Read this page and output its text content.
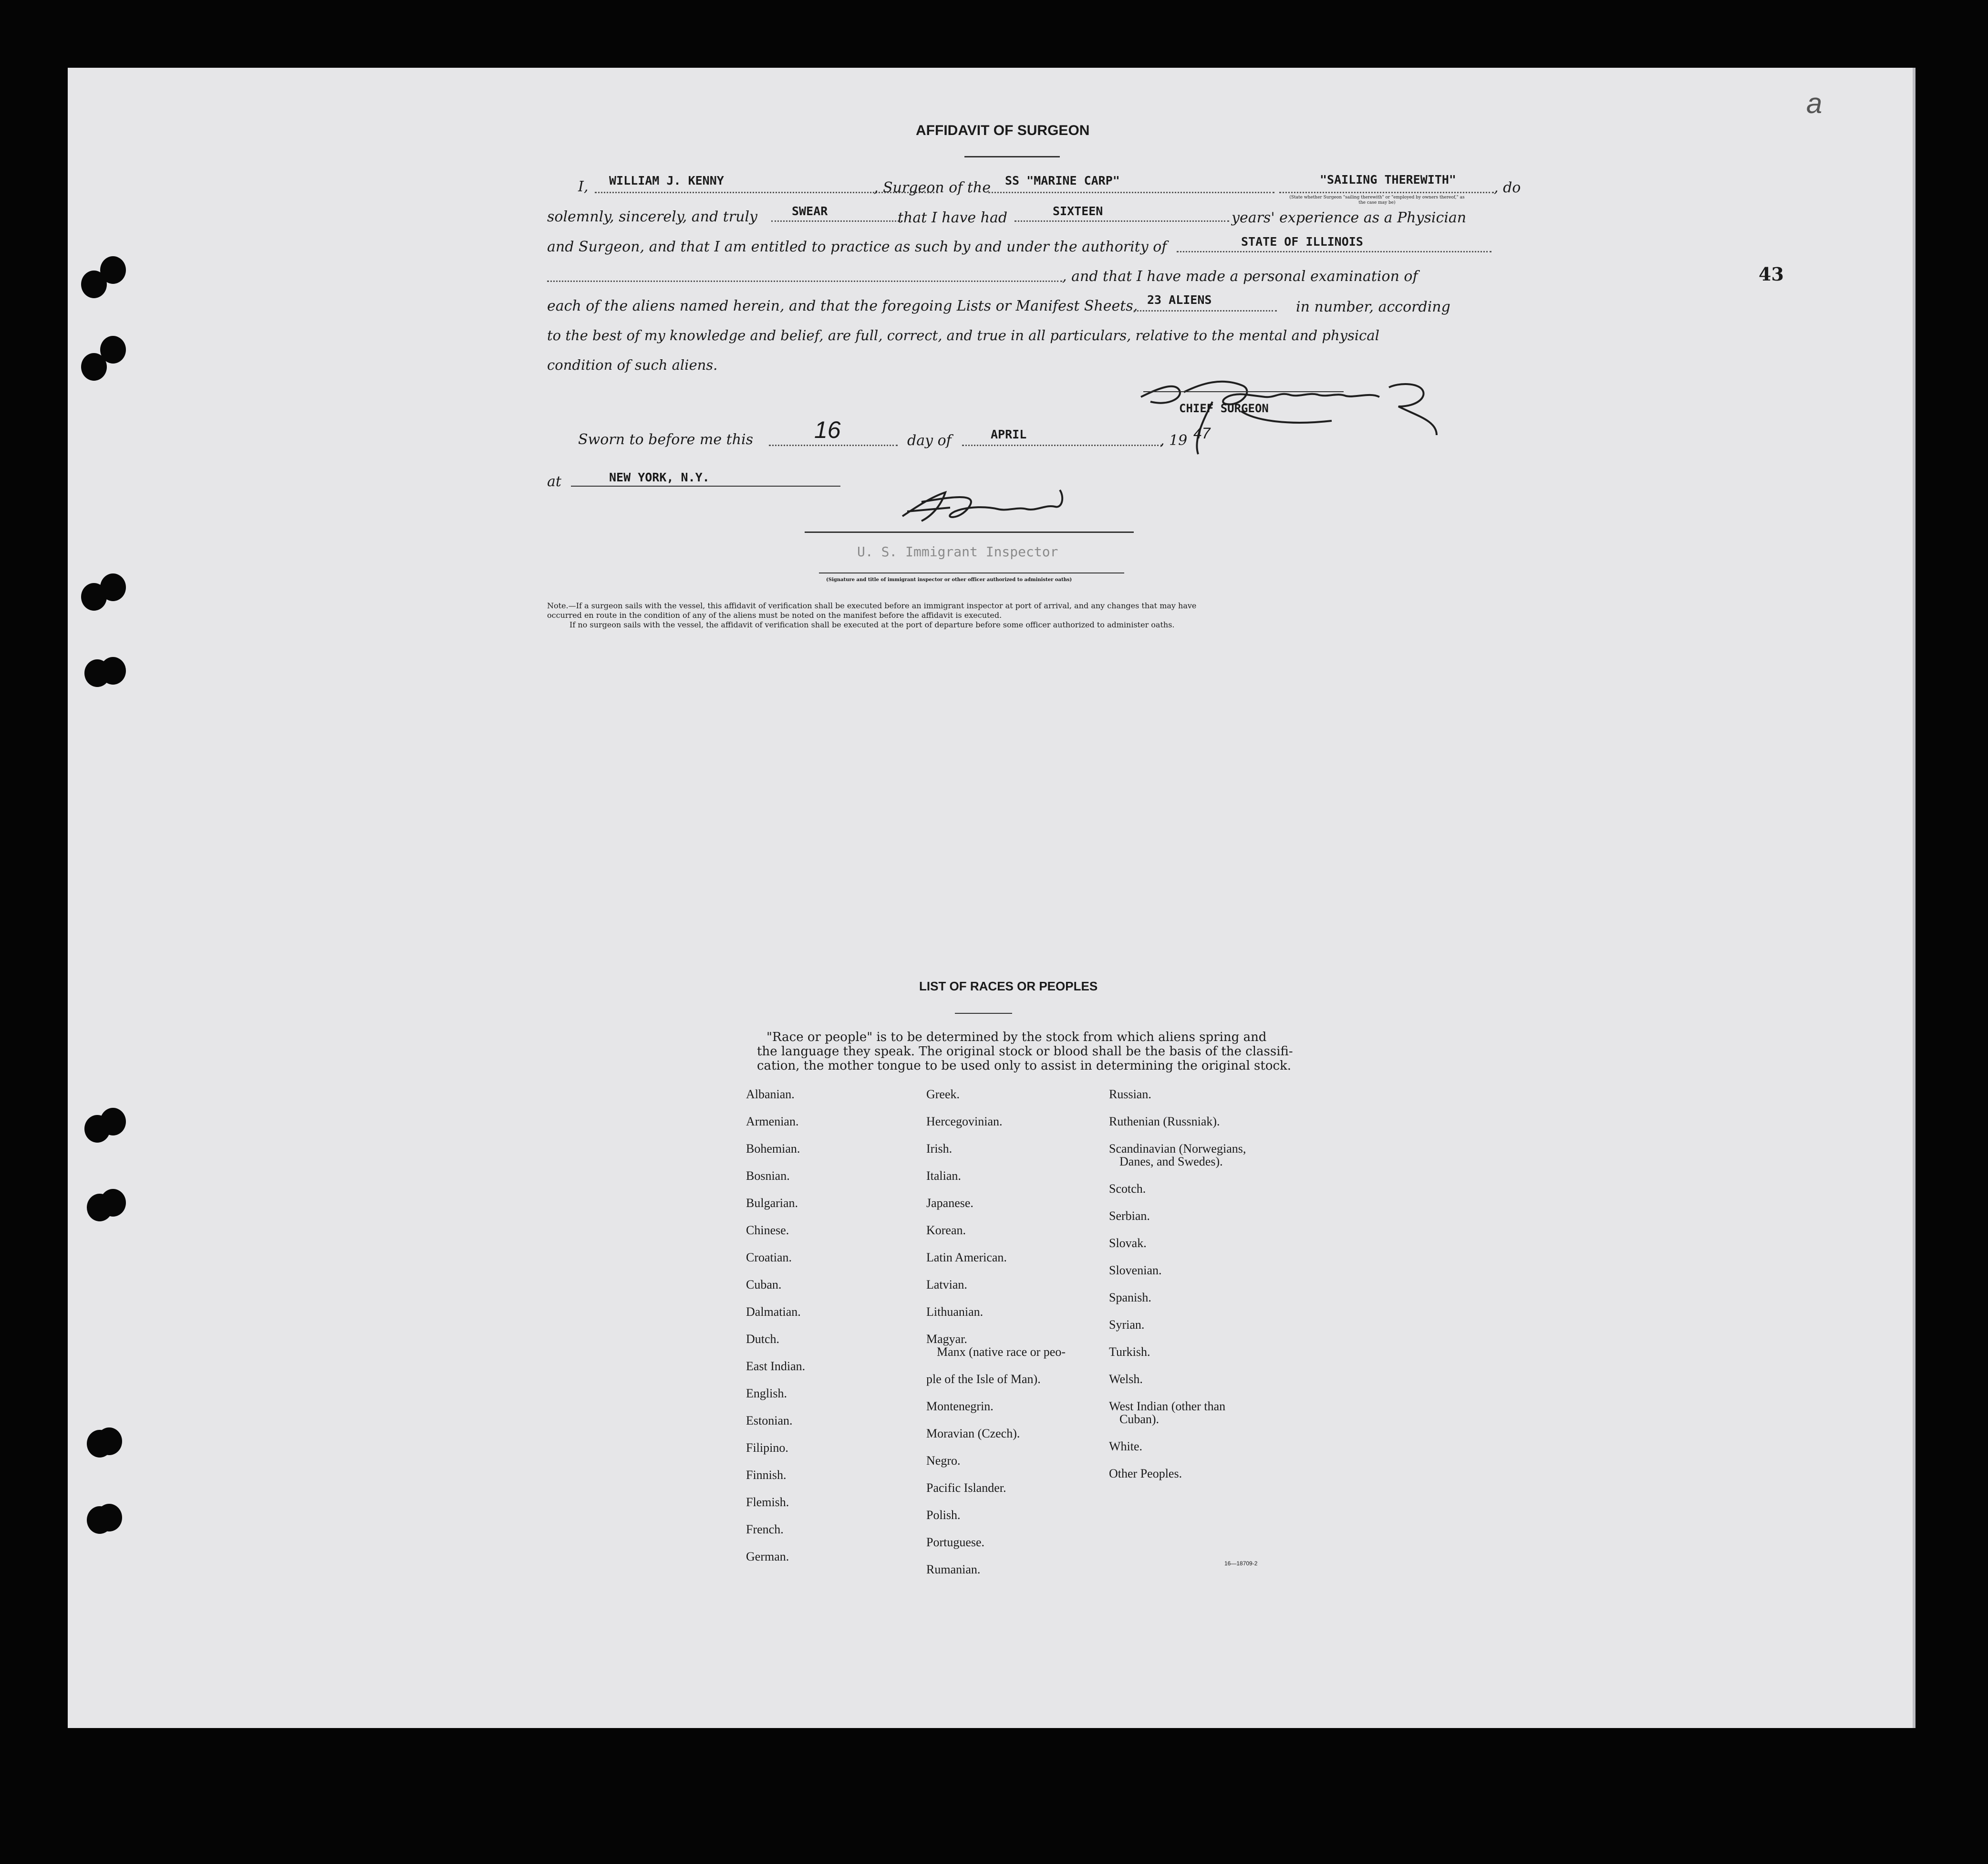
a
43
AFFIDAVIT OF SURGEON
I, WILLIAM J. KENNY	, Surgeon of the SS "MARINE CARP"	"SAILING THEREWITH"	, do
(State whether Surgeon "sailing therewith" or "employed by owners thereof," as the case may be)
solemnly, sincerely, and truly	SWEAR	that I have had	SIXTEEN	years' experience as a Physician
and Surgeon, and that I am entitled to practice as such by and under the authority of	STATE OF ILLINOIS
, and that I have made a personal examination of
each of the aliens named herein, and that the foregoing Lists or Manifest Sheets, 23 ALIENS	in number, according
to the best of my knowledge and belief, are full, correct, and true in all particulars, relative to the mental and physical
condition of such aliens.
CHIEF SURGEON
Sworn to before me this	16	day of	APRIL	, 19 47
at	NEW YORK, N.Y.
U. S. Immigrant Inspector
(Signature and title of immigrant inspector or other officer authorized to administer oaths)
Note.—If a surgeon sails with the vessel, this affidavit of verification shall be executed before an immigrant inspector at port of arrival, and any changes that may have
occurred en route in the condition of any of the aliens must be noted on the manifest before the affidavit is executed.
If no surgeon sails with the vessel, the affidavit of verification shall be executed at the port of departure before some officer authorized to administer oaths.
LIST OF RACES OR PEOPLES
"Race or people" is to be determined by the stock from which aliens spring and
the language they speak. The original stock or blood shall be the basis of the classifi-
cation, the mother tongue to be used only to assist in determining the original stock.
Albanian.
Armenian.
Bohemian.
Bosnian.
Bulgarian.
Chinese.
Croatian.
Cuban.
Dalmatian.
Dutch.
East Indian.
English.
Estonian.
Filipino.
Finnish.
Flemish.
French.
German.
Greek.
Hercegovinian.
Irish.
Italian.
Japanese.
Korean.
Latin American.
Latvian.
Lithuanian.
Magyar.
Manx (native race or peo-
ple of the Isle of Man).
Montenegrin.
Moravian (Czech).
Negro.
Pacific Islander.
Polish.
Portuguese.
Rumanian.
Russian.
Ruthenian (Russniak).
Scandinavian (Norwegians,
Danes, and Swedes).
Scotch.
Serbian.
Slovak.
Slovenian.
Spanish.
Syrian.
Turkish.
Welsh.
West Indian (other than
Cuban).
White.
Other Peoples.
16—18709-2
